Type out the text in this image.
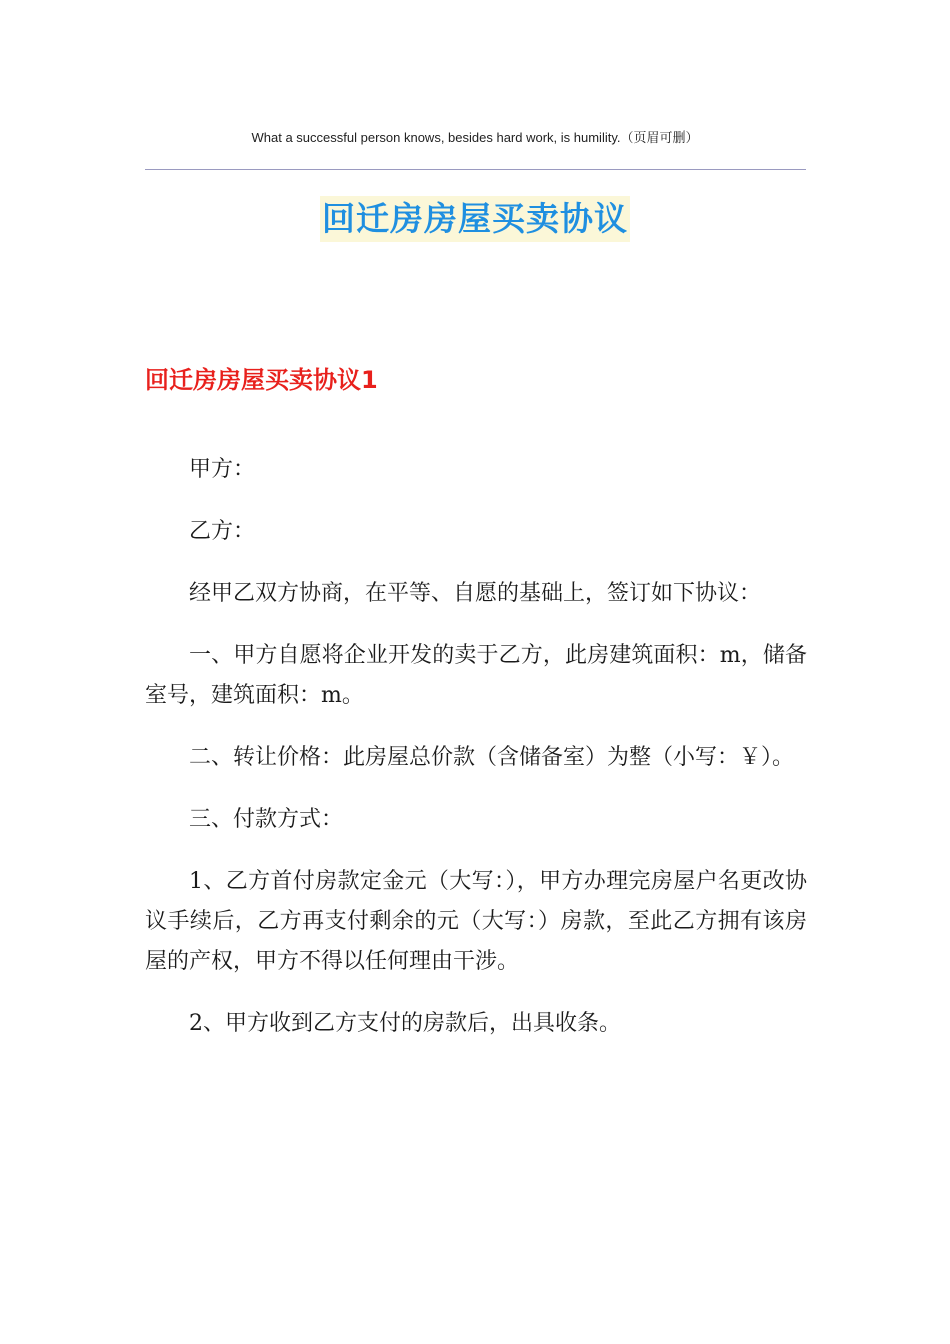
What a successful person knows, besides hard work, is humility.（页眉可删）
回迁房房屋买卖协议
回迁房房屋买卖协议1

甲方：

乙方：

经甲乙双方协商，在平等、自愿的基础上，签订如下协议：

一、甲方自愿将企业开发的卖于乙方，此房建筑面积：m，储备室号，建筑面积：m。

二、转让价格：此房屋总价款（含储备室）为整（小写：￥）。

三、付款方式：

1、乙方首付房款定金元（大写：），甲方办理完房屋户名更改协议手续后，乙方再支付剩余的元（大写：）房款，至此乙方拥有该房屋的产权，甲方不得以任何理由干涉。

2、甲方收到乙方支付的房款后，出具收条。
